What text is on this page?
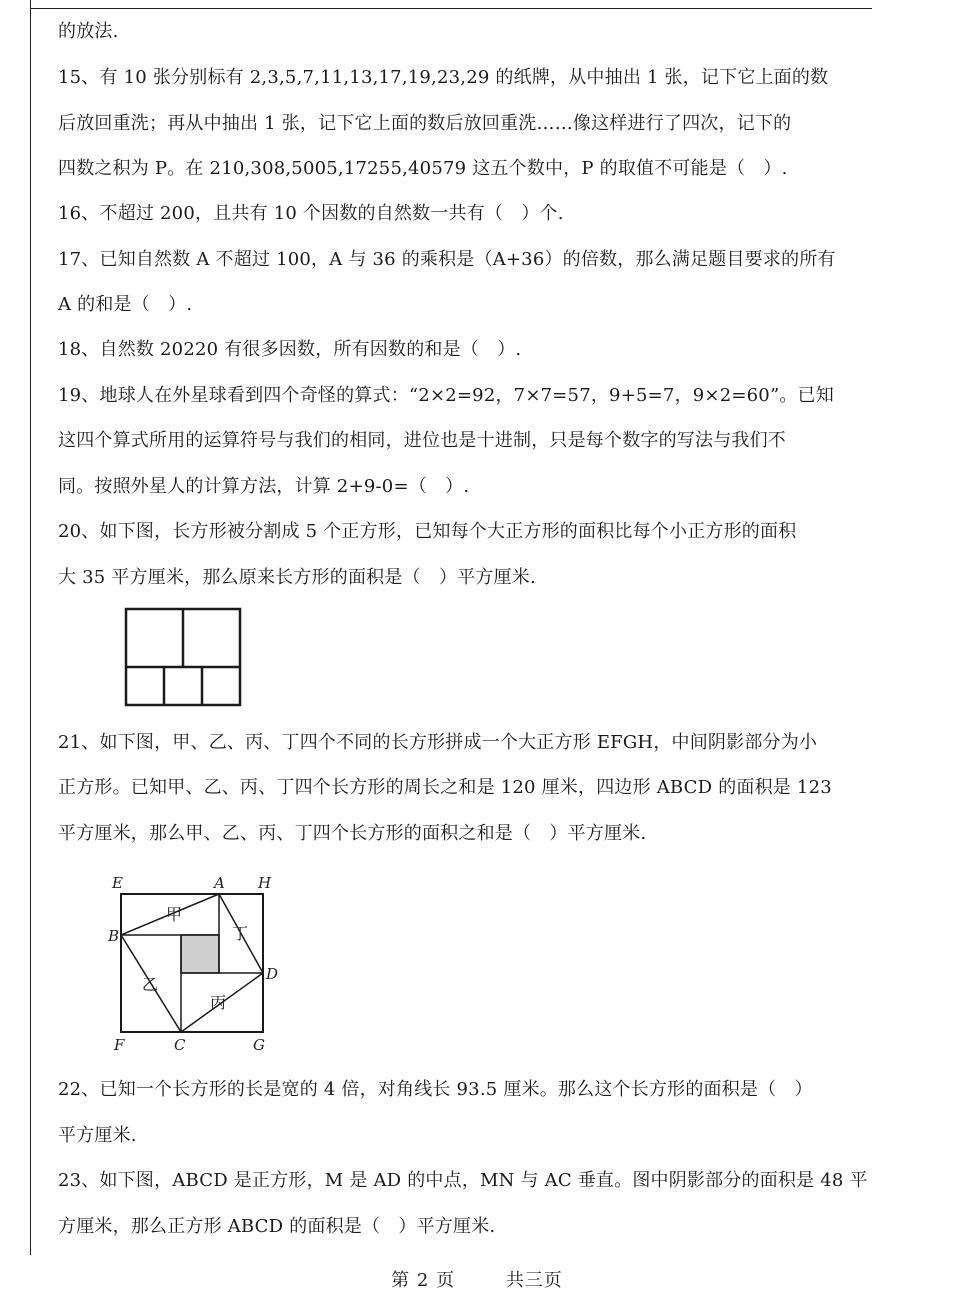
的放法.
15、有 10 张分别标有 2,3,5,7,11,13,17,19,23,29 的纸牌，从中抽出 1 张，记下它上面的数
后放回重洗；再从中抽出 1 张，记下它上面的数后放回重洗……像这样进行了四次，记下的
四数之积为 P。在 210,308,5005,17255,40579 这五个数中，P 的取值不可能是（　）.
16、不超过 200，且共有 10 个因数的自然数一共有（　）个.
17、已知自然数 A 不超过 100，A 与 36 的乘积是（A+36）的倍数，那么满足题目要求的所有
A 的和是（　）.
18、自然数 20220 有很多因数，所有因数的和是（　）.
19、地球人在外星球看到四个奇怪的算式：“2×2=92，7×7=57，9+5=7，9×2=60”。已知
这四个算式所用的运算符号与我们的相同，进位也是十进制，只是每个数字的写法与我们不
同。按照外星人的计算方法，计算 2+9-0=（　）.
20、如下图，长方形被分割成 5 个正方形，已知每个大正方形的面积比每个小正方形的面积
大 35 平方厘米，那么原来长方形的面积是（　）平方厘米.
21、如下图，甲、乙、丙、丁四个不同的长方形拼成一个大正方形 EFGH，中间阴影部分为小
正方形。已知甲、乙、丙、丁四个长方形的周长之和是 120 厘米，四边形 ABCD 的面积是 123
平方厘米，那么甲、乙、丙、丁四个长方形的面积之和是（　）平方厘米.
22、已知一个长方形的长是宽的 4 倍，对角线长 93.5 厘米。那么这个长方形的面积是（　）
平方厘米.
23、如下图，ABCD 是正方形，M 是 AD 的中点，MN 与 AC 垂直。图中阴影部分的面积是 48 平
方厘米，那么正方形 ABCD 的面积是（　）平方厘米.
E	A H
B
D
F	C	G
甲
丁
乙
丙
第 2 页	共三页
